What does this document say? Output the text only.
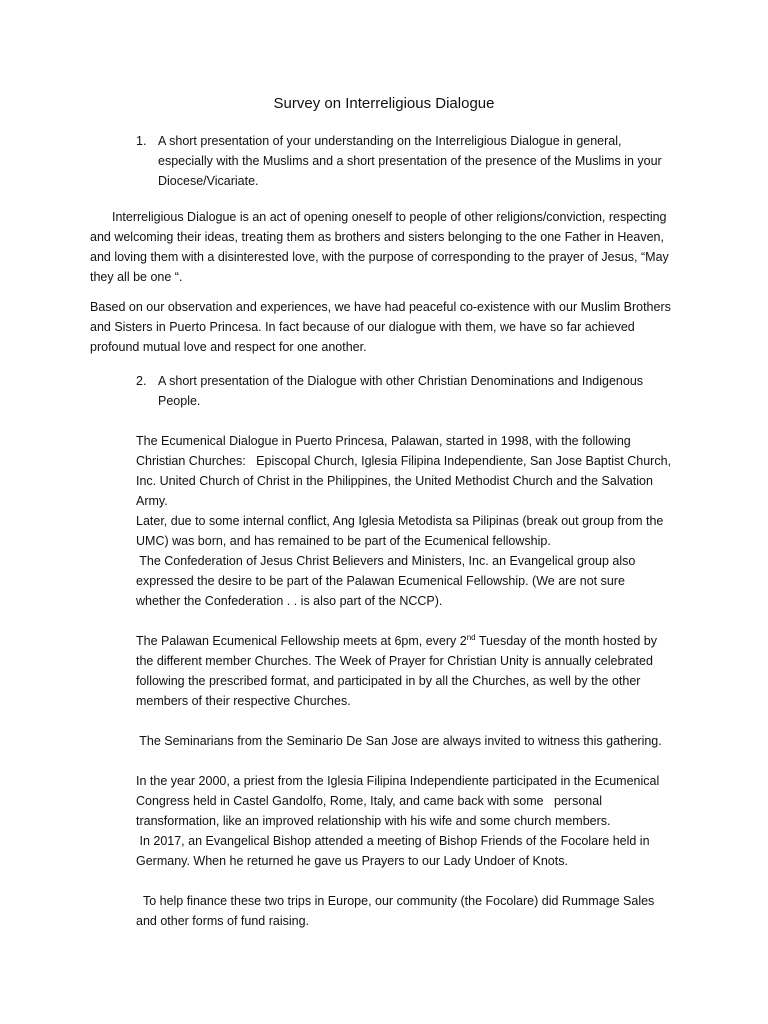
Survey on Interreligious Dialogue
1. A short presentation of your understanding on the Interreligious Dialogue in general, especially with the Muslims and a short presentation of the presence of the Muslims in your Diocese/Vicariate.

Interreligious Dialogue is an act of opening oneself to people of other religions/conviction, respecting and welcoming their ideas, treating them as brothers and sisters belonging to the one Father in Heaven, and loving them with a disinterested love, with the purpose of corresponding to the prayer of Jesus, “May they all be one “.

Based on our observation and experiences, we have had peaceful co-existence with our Muslim Brothers and Sisters in Puerto Princesa. In fact because of our dialogue with them, we have so far achieved profound mutual love and respect for one another.

2. A short presentation of the Dialogue with other Christian Denominations and Indigenous People.
The Ecumenical Dialogue in Puerto Princesa, Palawan, started in 1998, with the following
Christian Churches:   Episcopal Church, Iglesia Filipina Independiente, San Jose Baptist Church,
Inc. United Church of Christ in the Philippines, the United Methodist Church and the Salvation
Army.
Later, due to some internal conflict, Ang Iglesia Metodista sa Pilipinas (break out group from the
UMC) was born, and has remained to be part of the Ecumenical fellowship.
The Confederation of Jesus Christ Believers and Ministers, Inc. an Evangelical group also
expressed the desire to be part of the Palawan Ecumenical Fellowship. (We are not sure
whether the Confederation . . is also part of the NCCP).
The Palawan Ecumenical Fellowship meets at 6pm, every 2nd Tuesday of the month hosted by
the different member Churches. The Week of Prayer for Christian Unity is annually celebrated following the prescribed format, and participated in by all the Churches, as well by the other members of their respective Churches.

The Seminarians from the Seminario De San Jose are always invited to witness this gathering.

In the year 2000, a priest from the Iglesia Filipina Independiente participated in the Ecumenical
Congress held in Castel Gandolfo, Rome, Italy, and came back with some   personal
transformation, like an improved relationship with his wife and some church members.
In 2017, an Evangelical Bishop attended a meeting of Bishop Friends of the Focolare held in
Germany. When he returned he gave us Prayers to our Lady Undoer of Knots.

To help finance these two trips in Europe, our community (the Focolare) did Rummage Sales and other forms of fund raising.
